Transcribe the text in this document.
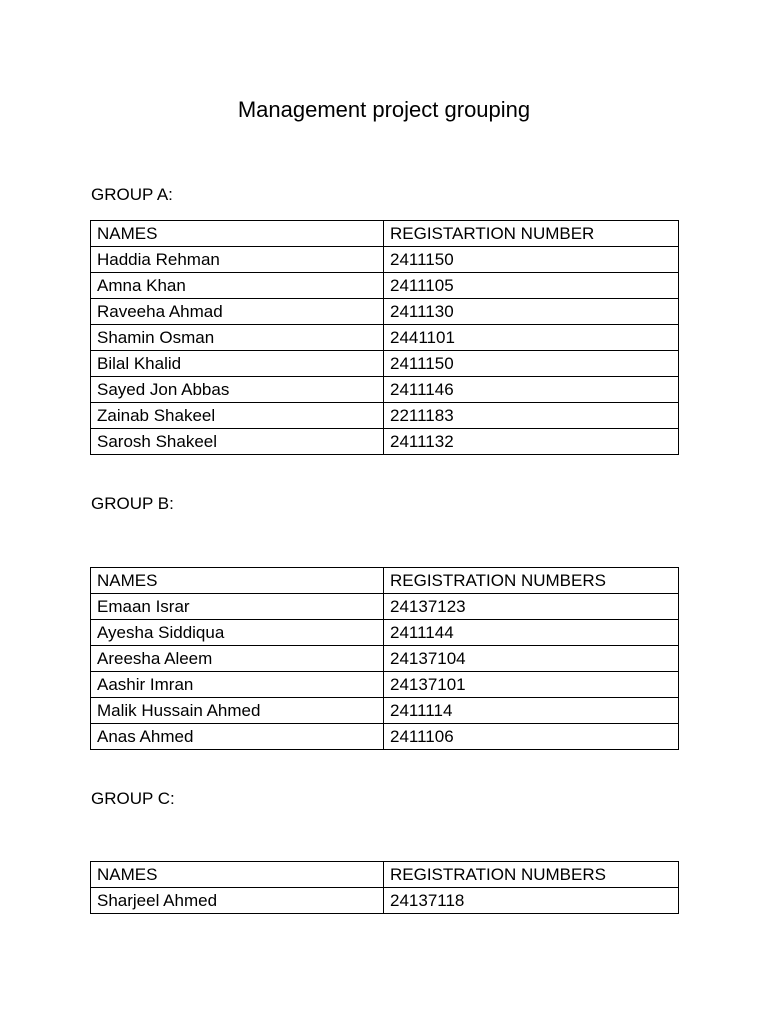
Management project grouping
GROUP A:
NAMES	REGISTARTION NUMBER
Haddia Rehman	2411150
Amna Khan	2411105
Raveeha Ahmad	2411130
Shamin Osman	2441101
Bilal Khalid	2411150
Sayed Jon Abbas	2411146
Zainab Shakeel	2211183
Sarosh Shakeel	2411132
GROUP B:
NAMES	REGISTRATION NUMBERS
Emaan Israr	24137123
Ayesha Siddiqua	2411144
Areesha Aleem	24137104
Aashir Imran	24137101
Malik Hussain Ahmed	2411114
Anas Ahmed	2411106
GROUP C:
NAMES	REGISTRATION NUMBERS
Sharjeel Ahmed	24137118
